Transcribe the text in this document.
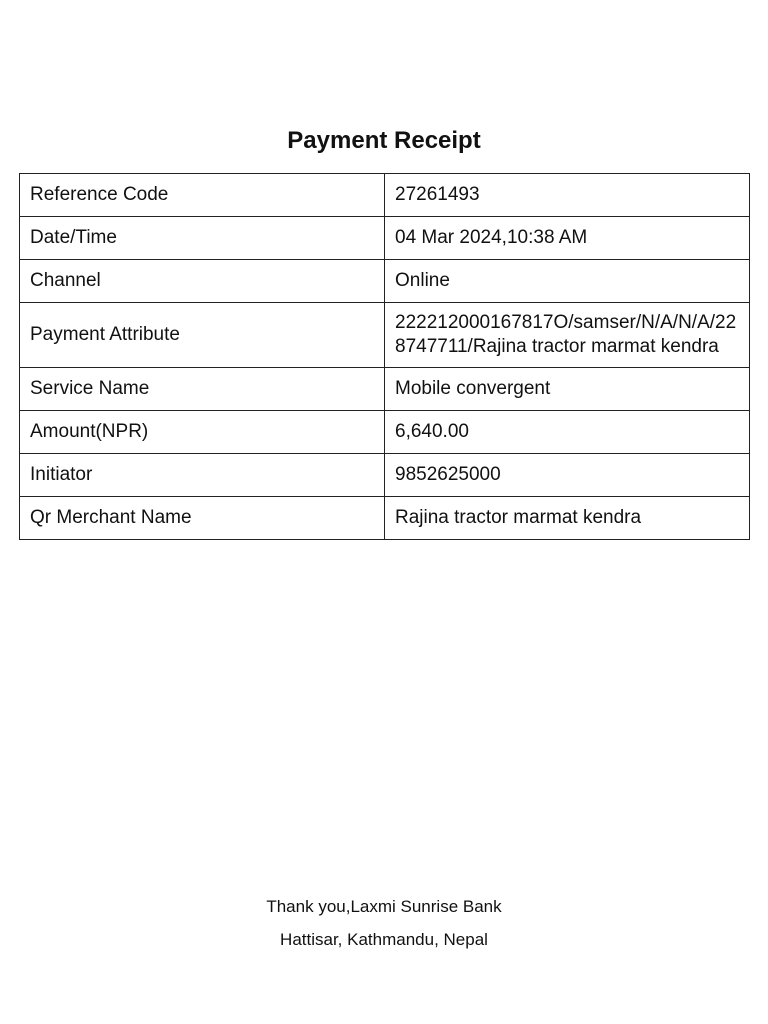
Payment Receipt
Reference Code	27261493
Date/Time	04 Mar 2024,10:38 AM
Channel	Online
Payment Attribute	222212000167817O/samser/N/A/N/A/228747711/Rajina tractor marmat kendra
Service Name	Mobile convergent
Amount(NPR)	6,640.00
Initiator	9852625000
Qr Merchant Name	Rajina tractor marmat kendra
Thank you,Laxmi Sunrise Bank
Hattisar, Kathmandu, Nepal
